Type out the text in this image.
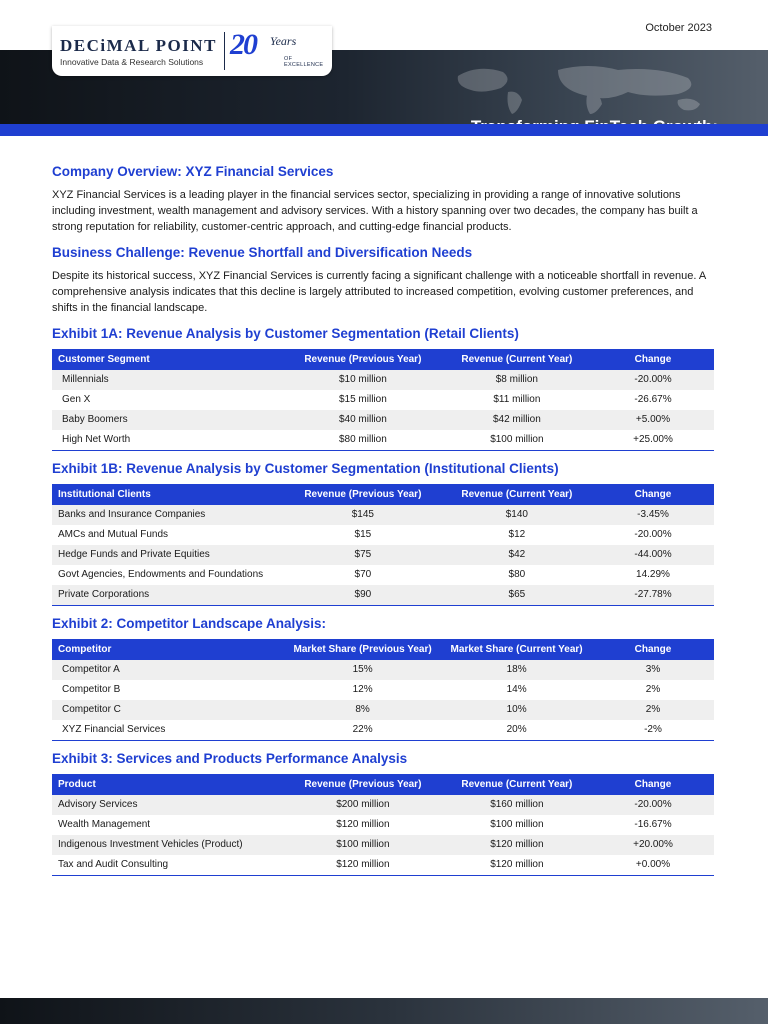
October 2023
www.decimalpointanalytics.com	A Business Case Study
DECiMAL POINT
Innovative Data & Research Solutions
20 Years
OF EXCELLENCE
Company Overview: XYZ Financial Services

XYZ Financial Services is a leading player in the financial services sector, specializing in providing a range of innovative solutions including investment, wealth management and advisory services. With a history spanning over two decades, the company has built a strong reputation for reliability, customer-centric approach, and cutting-edge financial products.

Business Challenge: Revenue Shortfall and Diversification Needs

Despite its historical success, XYZ Financial Services is currently facing a significant challenge with a noticeable shortfall in revenue. A comprehensive analysis indicates that this decline is largely attributed to increased competition, evolving customer preferences, and shifts in the financial landscape.

Exhibit 1A: Revenue Analysis by Customer Segmentation (Retail Clients)
Customer Segment	Revenue (Previous Year)	Revenue (Current Year)	Change
Millennials	$10 million	$8 million	-20.00%
Gen X	$15 million	$11 million	-26.67%
Baby Boomers	$40 million	$42 million	+5.00%
High Net Worth	$80 million	$100 million	+25.00%
Exhibit 1B: Revenue Analysis by Customer Segmentation (Institutional Clients)
Institutional Clients	Revenue (Previous Year)	Revenue (Current Year)	Change
Banks and Insurance Companies	$145	$140	-3.45%
AMCs and Mutual Funds	$15	$12	-20.00%
Hedge Funds and Private Equities	$75	$42	-44.00%
Govt Agencies, Endowments and Foundations	$70	$80	14.29%
Private Corporations	$90	$65	-27.78%
Exhibit 2: Competitor Landscape Analysis:
Competitor	Market Share (Previous Year)	Market Share (Current Year)	Change
Competitor A	15%	18%	3%
Competitor B	12%	14%	2%
Competitor C	8%	10%	2%
XYZ Financial Services	22%	20%	-2%
Exhibit 3: Services and Products Performance Analysis
Product	Revenue (Previous Year)	Revenue (Current Year)	Change
Advisory Services	$200 million	$160 million	-20.00%
Wealth Management	$120 million	$100 million	-16.67%
Indigenous Investment Vehicles (Product)	$100 million	$120 million	+20.00%
Tax and Audit Consulting	$120 million	$120 million	+0.00%
